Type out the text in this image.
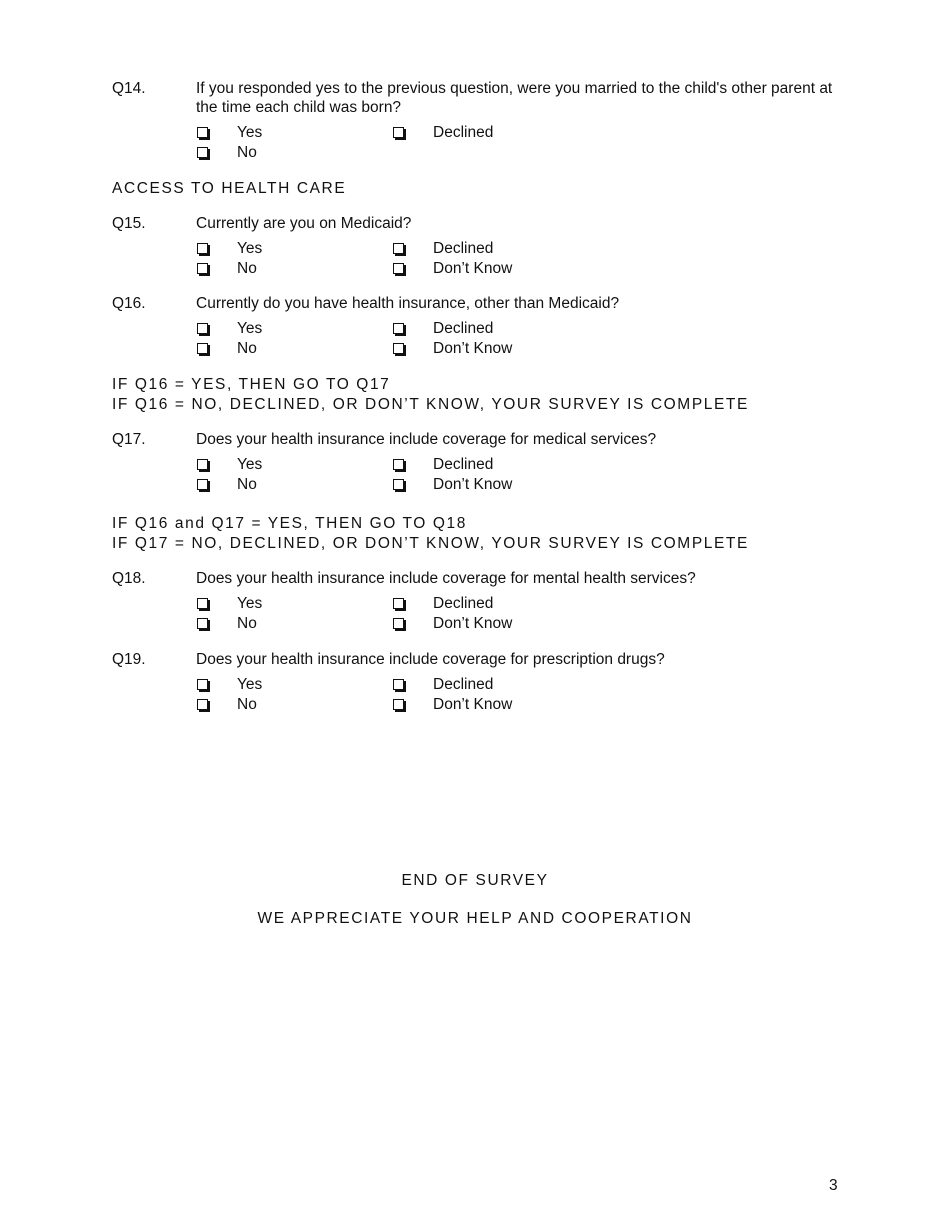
Q14.	If you responded yes to the previous question, were you married to the child's other parent at the time each child was born?
Yes
No
Declined
ACCESS TO HEALTH CARE
Q15.	Currently are you on Medicaid?
Yes
No
Declined
Don’t Know
Q16.	Currently do you have health insurance, other than Medicaid?
Yes
No
Declined
Don’t Know
IF Q16 = YES, THEN GO TO Q17
IF Q16 = NO, DECLINED, OR DON’T KNOW, YOUR SURVEY IS COMPLETE
Q17.	Does your health insurance include coverage for medical services?
Yes
No
Declined
Don’t Know
IF Q16 and Q17 = YES, THEN GO TO Q18
IF Q17 = NO, DECLINED, OR DON’T KNOW, YOUR SURVEY IS COMPLETE
Q18.	Does your health insurance include coverage for mental health services?
Yes
No
Declined
Don’t Know
Q19.	Does your health insurance include coverage for prescription drugs?
Yes
No
Declined
Don’t Know
END OF SURVEY
WE APPRECIATE YOUR HELP AND COOPERATION
3
